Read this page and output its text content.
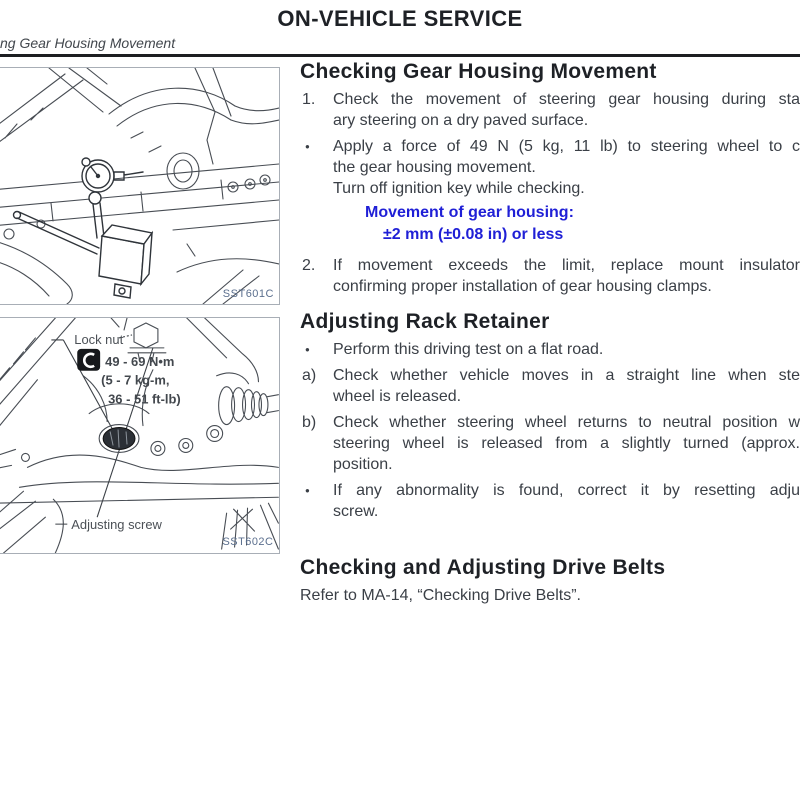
ON-VEHICLE SERVICE
ng Gear Housing Movement
SST601C
Lock nut
49 - 69 N•m
(5 - 7 kg-m,
36 - 51 ft-lb)
Adjusting screw
SST602C
Checking Gear Housing Movement
1.	Check the movement of steering gear housing during sta
ary steering on a dry paved surface.
●	Apply a force of 49 N (5 kg, 11 lb) to steering wheel to c
the gear housing movement.
Turn off ignition key while checking.
Movement of gear housing:
±2 mm (±0.08 in) or less
2.	If movement exceeds the limit, replace mount insulator
confirming proper installation of gear housing clamps.
Adjusting Rack Retainer
●	Perform this driving test on a flat road.
a)	Check whether vehicle moves in a straight line when ste
wheel is released.
b)	Check whether steering wheel returns to neutral position w
steering wheel is released from a slightly turned (approx.
position.
●	If any abnormality is found, correct it by resetting adju
screw.
Checking and Adjusting Drive Belts
Refer to MA-14, “Checking Drive Belts”.
